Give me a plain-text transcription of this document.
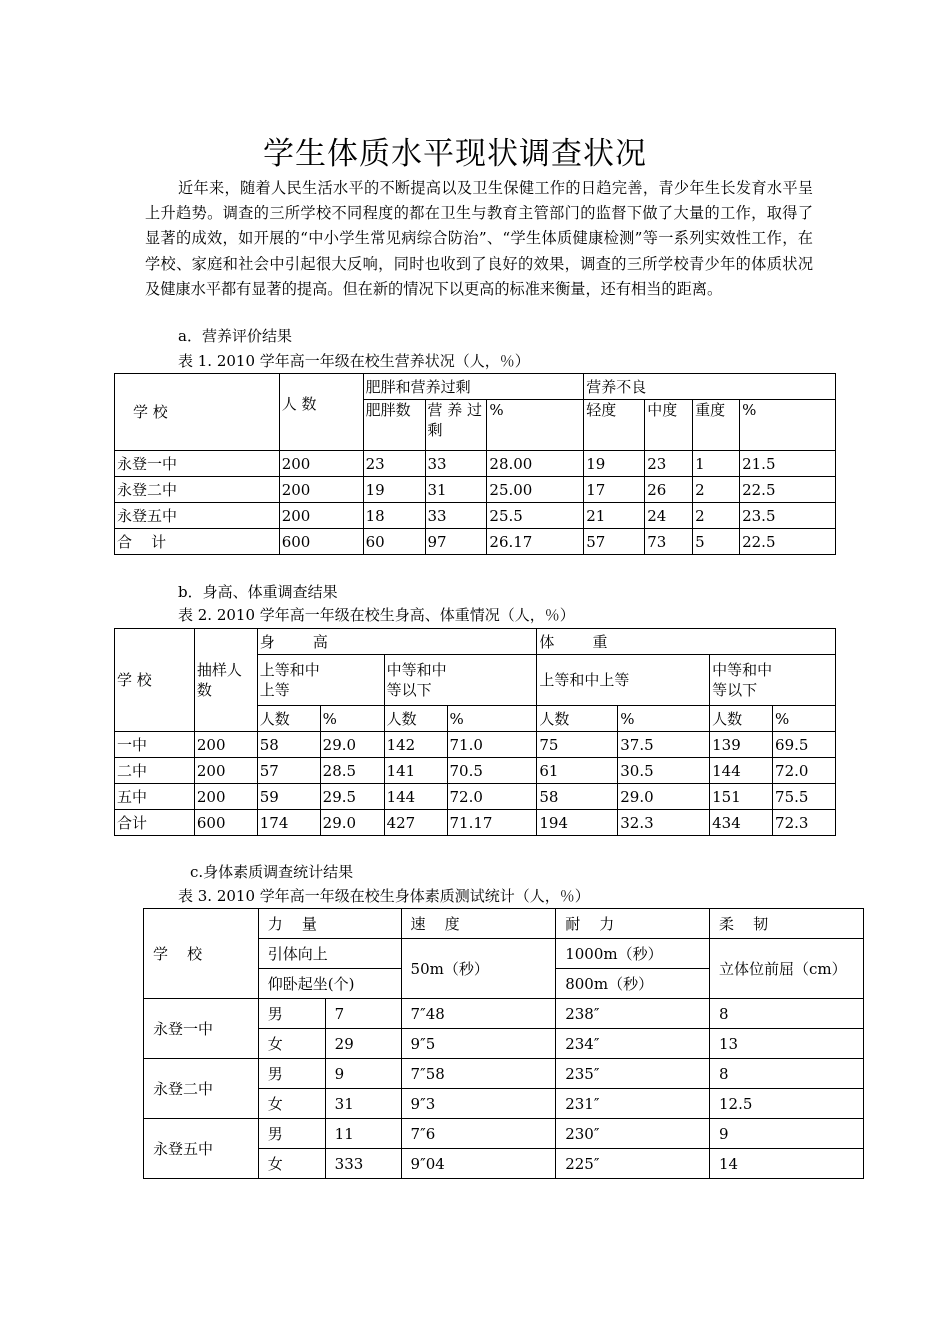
学生体质水平现状调查状况
近年来，随着人民生活水平的不断提高以及卫生保健工作的日趋完善，青少年生长发育水平呈上升趋势。调查的三所学校不同程度的都在卫生与教育主管部门的监督下做了大量的工作，取得了显著的成效，如开展的“中小学生常见病综合防治”、“学生体质健康检测”等一系列实效性工作，在学校、家庭和社会中引起很大反响，同时也收到了良好的效果，调查的三所学校青少年的体质状况及健康水平都有显著的提高。但在新的情况下以更高的标准来衡量，还有相当的距离。
a．营养评价结果
表 1. 2010 学年高一年级在校生营养状况（人，％）
学 校	人 数	肥胖和营养过剩			营养不良			
		肥胖数	营 养 过剩	%	轻度	中度	重度	%
永登一中	200	23	33	28.00	19	23	1	21.5
永登二中	200	19	31	25.00	17	26	2	22.5
永登五中	200	18	33	25.5	21	24	2	23.5
合    计	600	60	97	26.17	57	73	5	22.5
b．身高、体重调查结果
表 2. 2010 学年高一年级在校生身高、体重情况（人，％）
学 校	抽样人数	身        高				体        重			
		上等和中上等		中等和中等以下		上等和中上等		中等和中等以下	
		人数	%	人数	%	人数	%	人数	%
一中	200	58	29.0	142	71.0	75	37.5	139	69.5
二中	200	57	28.5	141	70.5	61	30.5	144	72.0
五中	200	59	29.5	144	72.0	58	29.0	151	75.5
合计	600	174	29.0	427	71.17	194	32.3	434	72.3
c.身体素质调查统计结果
表 3. 2010 学年高一年级在校生身体素质测试统计（人，％）
学    校	力    量		速    度	耐    力	柔    韧
	引体向上		50m（秒）	1000m（秒）	立体位前屈（cm）
	仰卧起坐(个)			800m（秒）	
永登一中	男	7	7″48	238″	8
	女	29	9″5	234″	13
永登二中	男	9	7″58	235″	8
	女	31	9″3	231″	12.5
永登五中	男	11	7″6	230″	9
	女	333	9″04	225″	14
